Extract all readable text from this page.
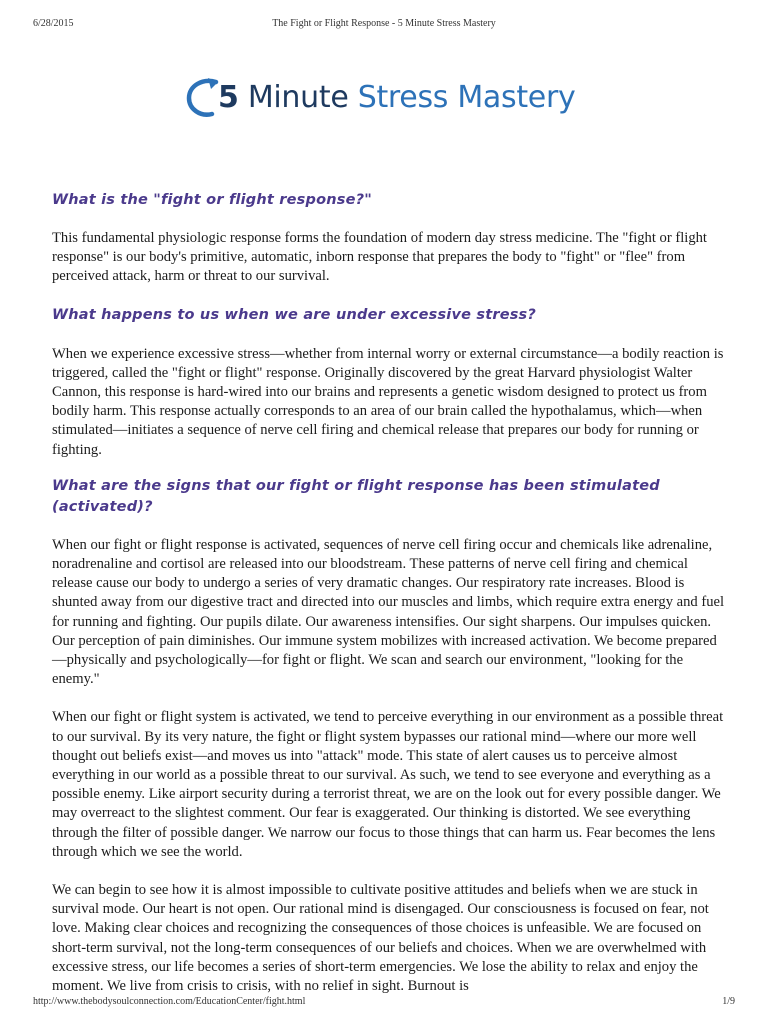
6/28/2015	The Fight or Flight Response - 5 Minute Stress Mastery
5 Minute Stress Mastery
What is the "fight or flight response?"

This fundamental physiologic response forms the foundation of modern day stress medicine. The "fight or flight response" is our body's primitive, automatic, inborn response that prepares the body to "fight" or "flee" from perceived attack, harm or threat to our survival.

What happens to us when we are under excessive stress?

When we experience excessive stress—whether from internal worry or external circumstance—a bodily reaction is triggered, called the "fight or flight" response. Originally discovered by the great Harvard physiologist Walter Cannon, this response is hard-wired into our brains and represents a genetic wisdom designed to protect us from bodily harm. This response actually corresponds to an area of our brain called the hypothalamus, which—when stimulated—initiates a sequence of nerve cell firing and chemical release that prepares our body for running or fighting.

What are the signs that our fight or flight response has been stimulated (activated)?

When our fight or flight response is activated, sequences of nerve cell firing occur and chemicals like adrenaline, noradrenaline and cortisol are released into our bloodstream. These patterns of nerve cell firing and chemical release cause our body to undergo a series of very dramatic changes. Our respiratory rate increases. Blood is shunted away from our digestive tract and directed into our muscles and limbs, which require extra energy and fuel for running and fighting. Our pupils dilate. Our awareness intensifies. Our sight sharpens. Our impulses quicken. Our perception of pain diminishes. Our immune system mobilizes with increased activation. We become prepared—physically and psychologically—for fight or flight. We scan and search our environment, "looking for the enemy."

When our fight or flight system is activated, we tend to perceive everything in our environment as a possible threat to our survival. By its very nature, the fight or flight system bypasses our rational mind—where our more well thought out beliefs exist—and moves us into "attack" mode. This state of alert causes us to perceive almost everything in our world as a possible threat to our survival. As such, we tend to see everyone and everything as a possible enemy. Like airport security during a terrorist threat, we are on the look out for every possible danger. We may overreact to the slightest comment. Our fear is exaggerated. Our thinking is distorted. We see everything through the filter of possible danger. We narrow our focus to those things that can harm us. Fear becomes the lens through which we see the world.

We can begin to see how it is almost impossible to cultivate positive attitudes and beliefs when we are stuck in survival mode. Our heart is not open. Our rational mind is disengaged. Our consciousness is focused on fear, not love. Making clear choices and recognizing the consequences of those choices is unfeasible. We are focused on short-term survival, not the long-term consequences of our beliefs and choices. When we are overwhelmed with excessive stress, our life becomes a series of short-term emergencies. We lose the ability to relax and enjoy the moment. We live from crisis to crisis, with no relief in sight. Burnout is

http://www.thebodysoulconnection.com/EducationCenter/fight.html	1/9
